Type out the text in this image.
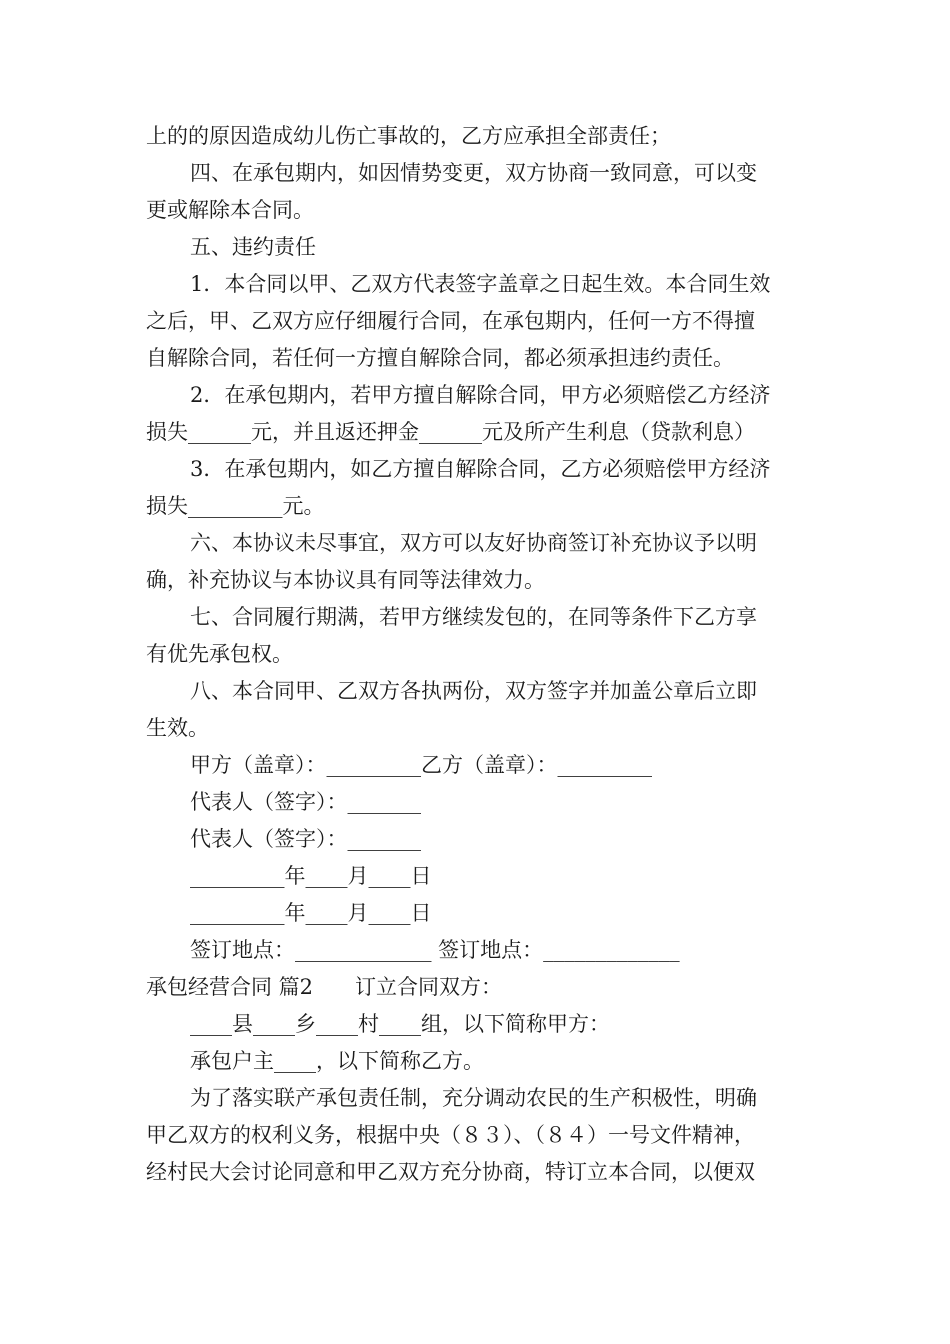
上的的原因造成幼儿伤亡事故的，乙方应承担全部责任；
四、在承包期内，如因情势变更，双方协商一致同意，可以变
更或解除本合同。
五、违约责任
1．本合同以甲、乙双方代表签字盖章之日起生效。本合同生效
之后，甲、乙双方应仔细履行合同，在承包期内，任何一方不得擅
自解除合同，若任何一方擅自解除合同，都必须承担违约责任。
2．在承包期内，若甲方擅自解除合同，甲方必须赔偿乙方经济
损失______元，并且返还押金______元及所产生利息（贷款利息）
3．在承包期内，如乙方擅自解除合同，乙方必须赔偿甲方经济
损失_________元。
六、本协议未尽事宜，双方可以友好协商签订补充协议予以明
确，补充协议与本协议具有同等法律效力。
七、合同履行期满，若甲方继续发包的，在同等条件下乙方享
有优先承包权。
八、本合同甲、乙双方各执两份，双方签字并加盖公章后立即
生效。
甲方（盖章）：_________乙方（盖章）：_________
代表人（签字）：_______
代表人（签字）：_______
_________年____月____日
_________年____月____日
签订地点：_____________ 签订地点：_____________
承包经营合同 篇2　　订立合同双方：
____县____乡____村____组，以下简称甲方：
承包户主____，以下简称乙方。
为了落实联产承包责任制，充分调动农民的生产积极性，明确
甲乙双方的权利义务，根据中央（８３）、（８４）一号文件精神，
经村民大会讨论同意和甲乙双方充分协商，特订立本合同，以便双
